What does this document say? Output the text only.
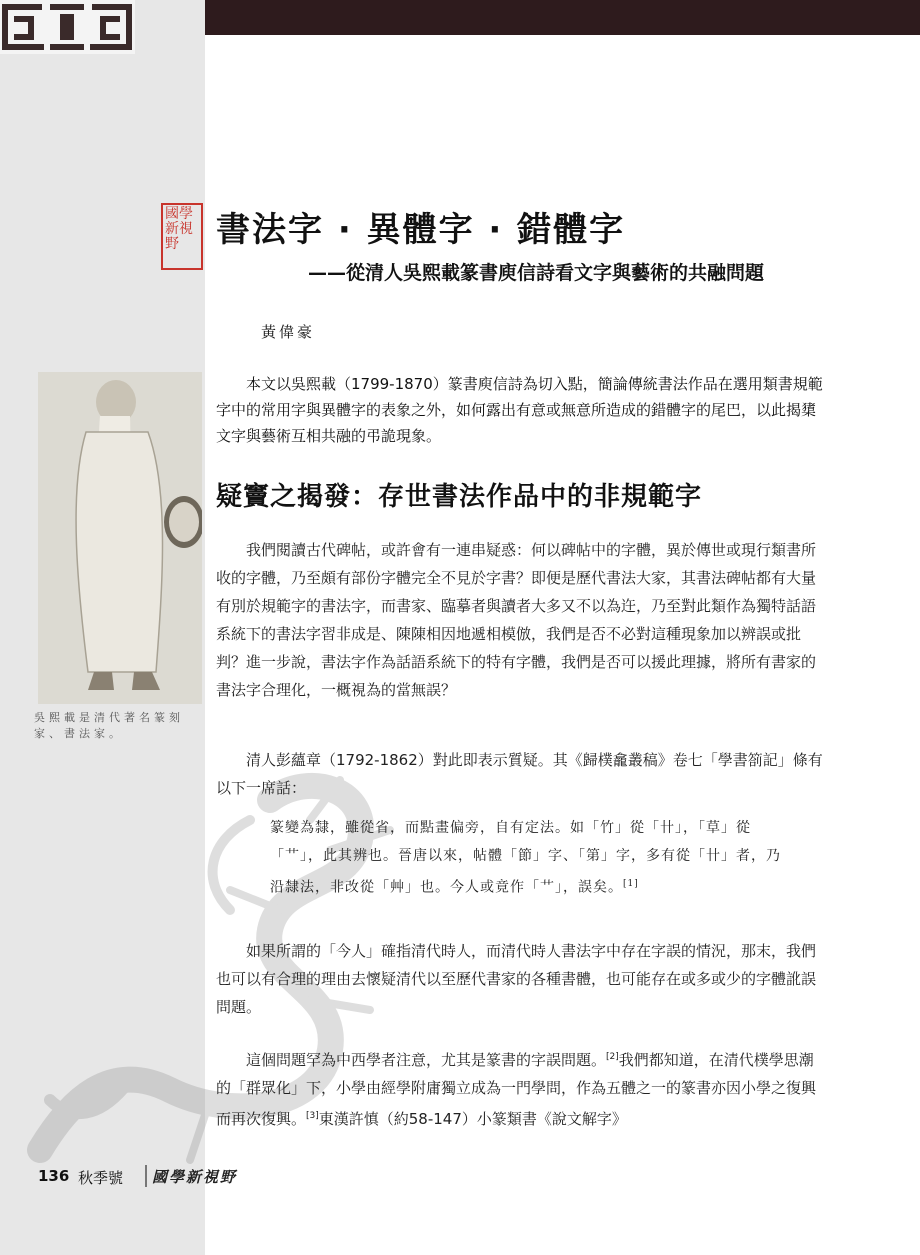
國學新視野	書法字 · 異體字 · 錯體字
——從清人吳熙載篆書庾信詩看文字與藝術的共融問題
黃偉豪

本文以吳熙載（1799-1870）篆書庾信詩為切入點，簡論傳統書法作品在選用類書規範字中的常用字與異體字的表象之外，如何露出有意或無意所造成的錯體字的尾巴，以此揭橥文字與藝術互相共融的弔詭現象。

疑竇之揭發：存世書法作品中的非規範字

我們閱讀古代碑帖，或許會有一連串疑惑：何以碑帖中的字體，異於傳世或現行類書所收的字體，乃至頗有部份字體完全不見於字書？即便是歷代書法大家，其書法碑帖都有大量有別於規範字的書法字，而書家、臨摹者與讀者大多又不以為迕，乃至對此類作為獨特話語系統下的書法字習非成是、陳陳相因地遞相模倣，我們是否不必對這種現象加以辨誤或批判？進一步說，書法字作為話語系統下的特有字體，我們是否可以援此理據，將所有書家的書法字合理化，一概視為的當無誤？

清人彭蘊章（1792-1862）對此即表示質疑。其《歸樸龕叢稿》卷七「學書箚記」條有以下一席話：

篆變為隸，雖從省，而點畫偏旁，自有定法。如「竹」從「卄」，「草」從「艹」，此其辨也。晉唐以來，帖體「節」字、「第」字，多有從「卄」者，乃沿隸法，非改從「艸」也。今人或竟作「艹」，誤矣。[1]

如果所謂的「今人」確指清代時人，而清代時人書法字中存在字誤的情況，那末，我們也可以有合理的理由去懷疑清代以至歷代書家的各種書體，也可能存在或多或少的字體訛誤問題。

這個問題罕為中西學者注意，尤其是篆書的字誤問題。[2]我們都知道，在清代樸學思潮的「群眾化」下，小學由經學附庸獨立成為一門學問，作為五體之一的篆書亦因小學之復興而再次復興。[3]東漢許慎（約58-147）小篆類書《說文解字》

吳熙載是清代著名篆刻家、書法家。

136 秋季號 國學新視野
